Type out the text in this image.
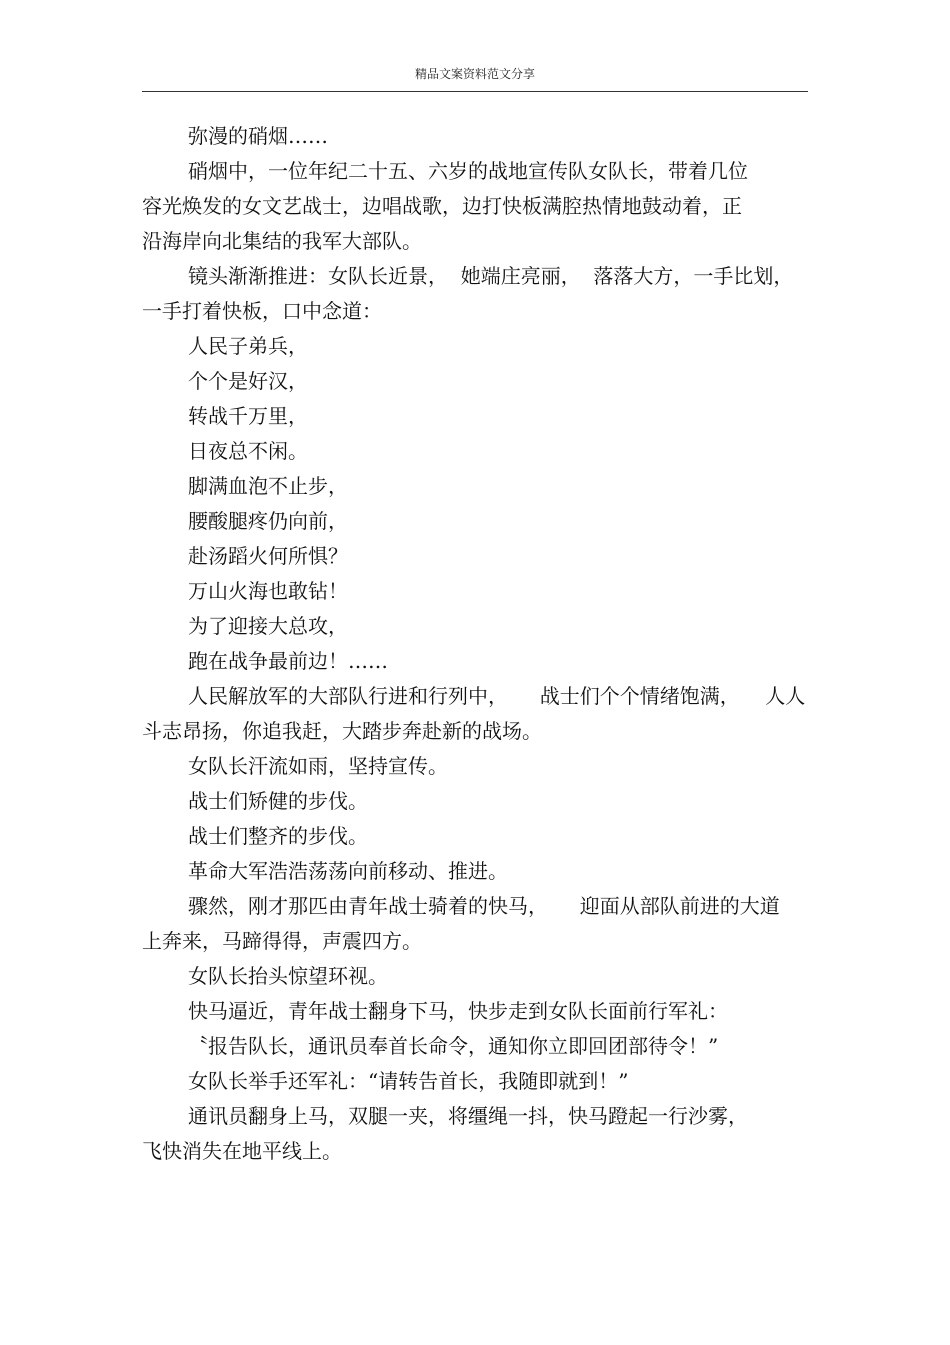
精品文案资料范文分享
弥漫的硝烟……
硝烟中，一位年纪二十五、六岁的战地宣传队女队长，带着几位
容光焕发的女文艺战士，边唱战歌，边打快板满腔热情地鼓动着，正
沿海岸向北集结的我军大部队。
镜头渐渐推进：女队长近景，  她端庄亮丽，  落落大方，一手比划，
一手打着快板，口中念道：
人民子弟兵，
个个是好汉，
转战千万里，
日夜总不闲。
脚满血泡不止步，
腰酸腿疼仍向前，
赴汤蹈火何所惧？
万山火海也敢钻！
为了迎接大总攻，
跑在战争最前边！……
人民解放军的大部队行进和行列中，     战士们个个情绪饱满，    人人
斗志昂扬，你追我赶，大踏步奔赴新的战场。
女队长汗流如雨，坚持宣传。
战士们矫健的步伐。
战士们整齐的步伐。
革命大军浩浩荡荡向前移动、推进。
骤然，刚才那匹由青年战士骑着的快马，     迎面从部队前进的大道
上奔来，马蹄得得，声震四方。
女队长抬头惊望环视。
快马逼近，青年战士翻身下马，快步走到女队长面前行军礼：
〝报告队长，通讯员奉首长命令，通知你立即回团部待令！”
女队长举手还军礼：“请转告首长，我随即就到！”
通讯员翻身上马，双腿一夹，将缰绳一抖，快马蹬起一行沙雾，
飞快消失在地平线上。
